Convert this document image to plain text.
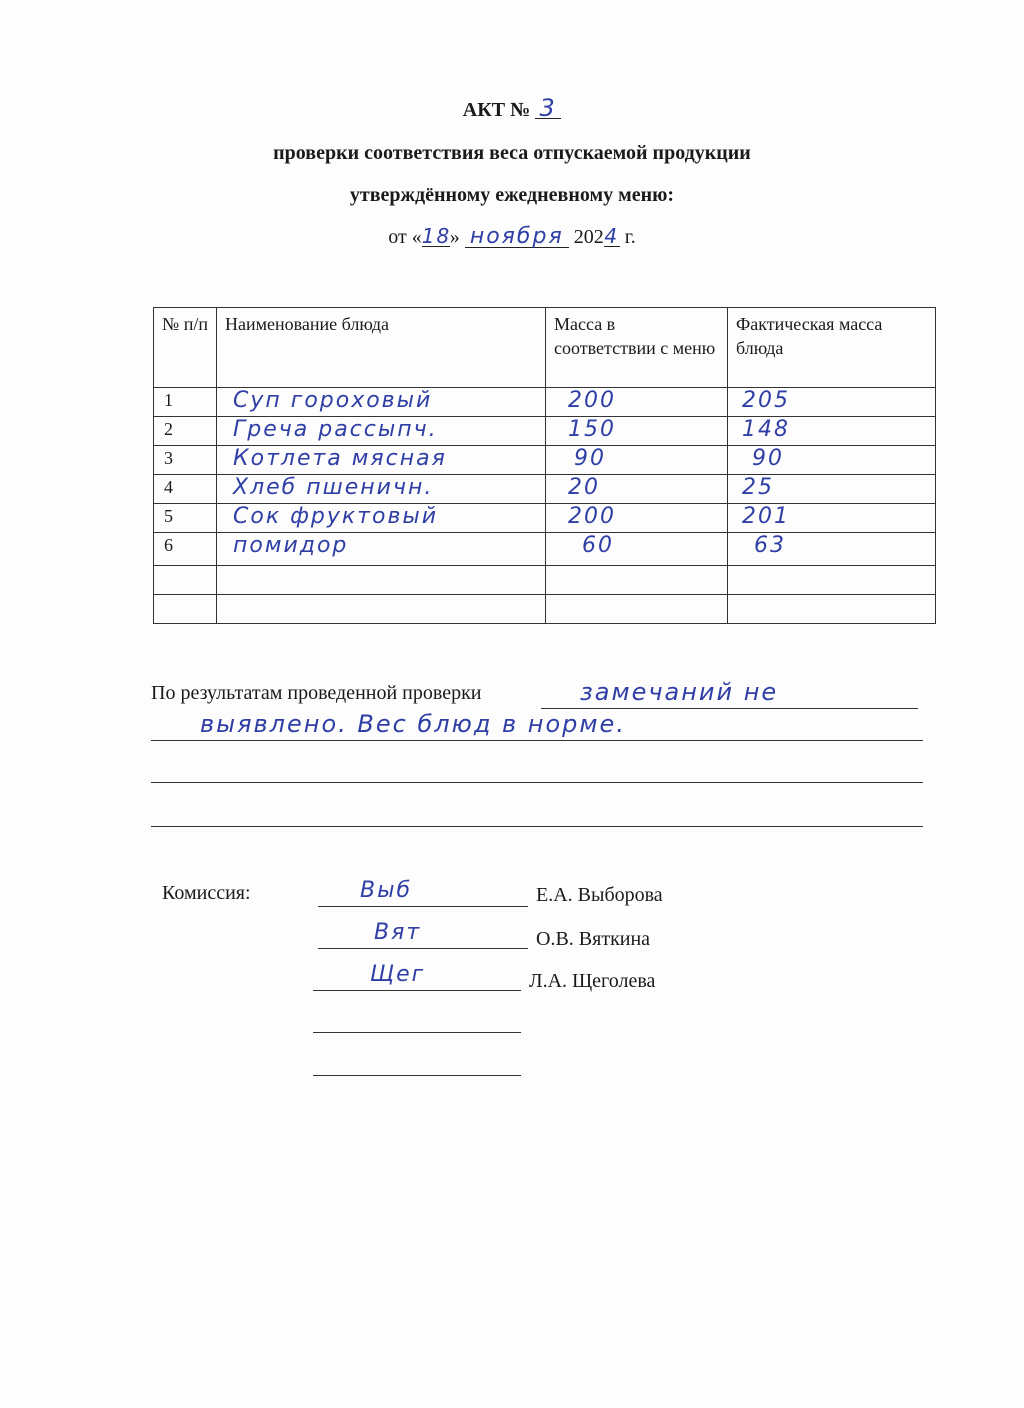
АКТ № 3
проверки соответствия веса отпускаемой продукции
утверждённому ежедневному меню:
от «18» ноября 2024 г.
№ п/п	Наименование блюда	Масса в соответствии с меню	Фактическая масса блюда
1	Суп гороховый	200	205
2	Греча рассыпч.	150	148
3	Котлета мясная	90	90
4	Хлеб пшеничн.	20	25
5	Сок фруктовый	200	201
6	помидор	60	63

По результатам проведенной проверки	замечаний не
выявлено. Вес блюд в норме.
Комиссия:	Выб	Е.А. Выборова
Вят	О.В. Вяткина
Щег	Л.А. Щеголева
